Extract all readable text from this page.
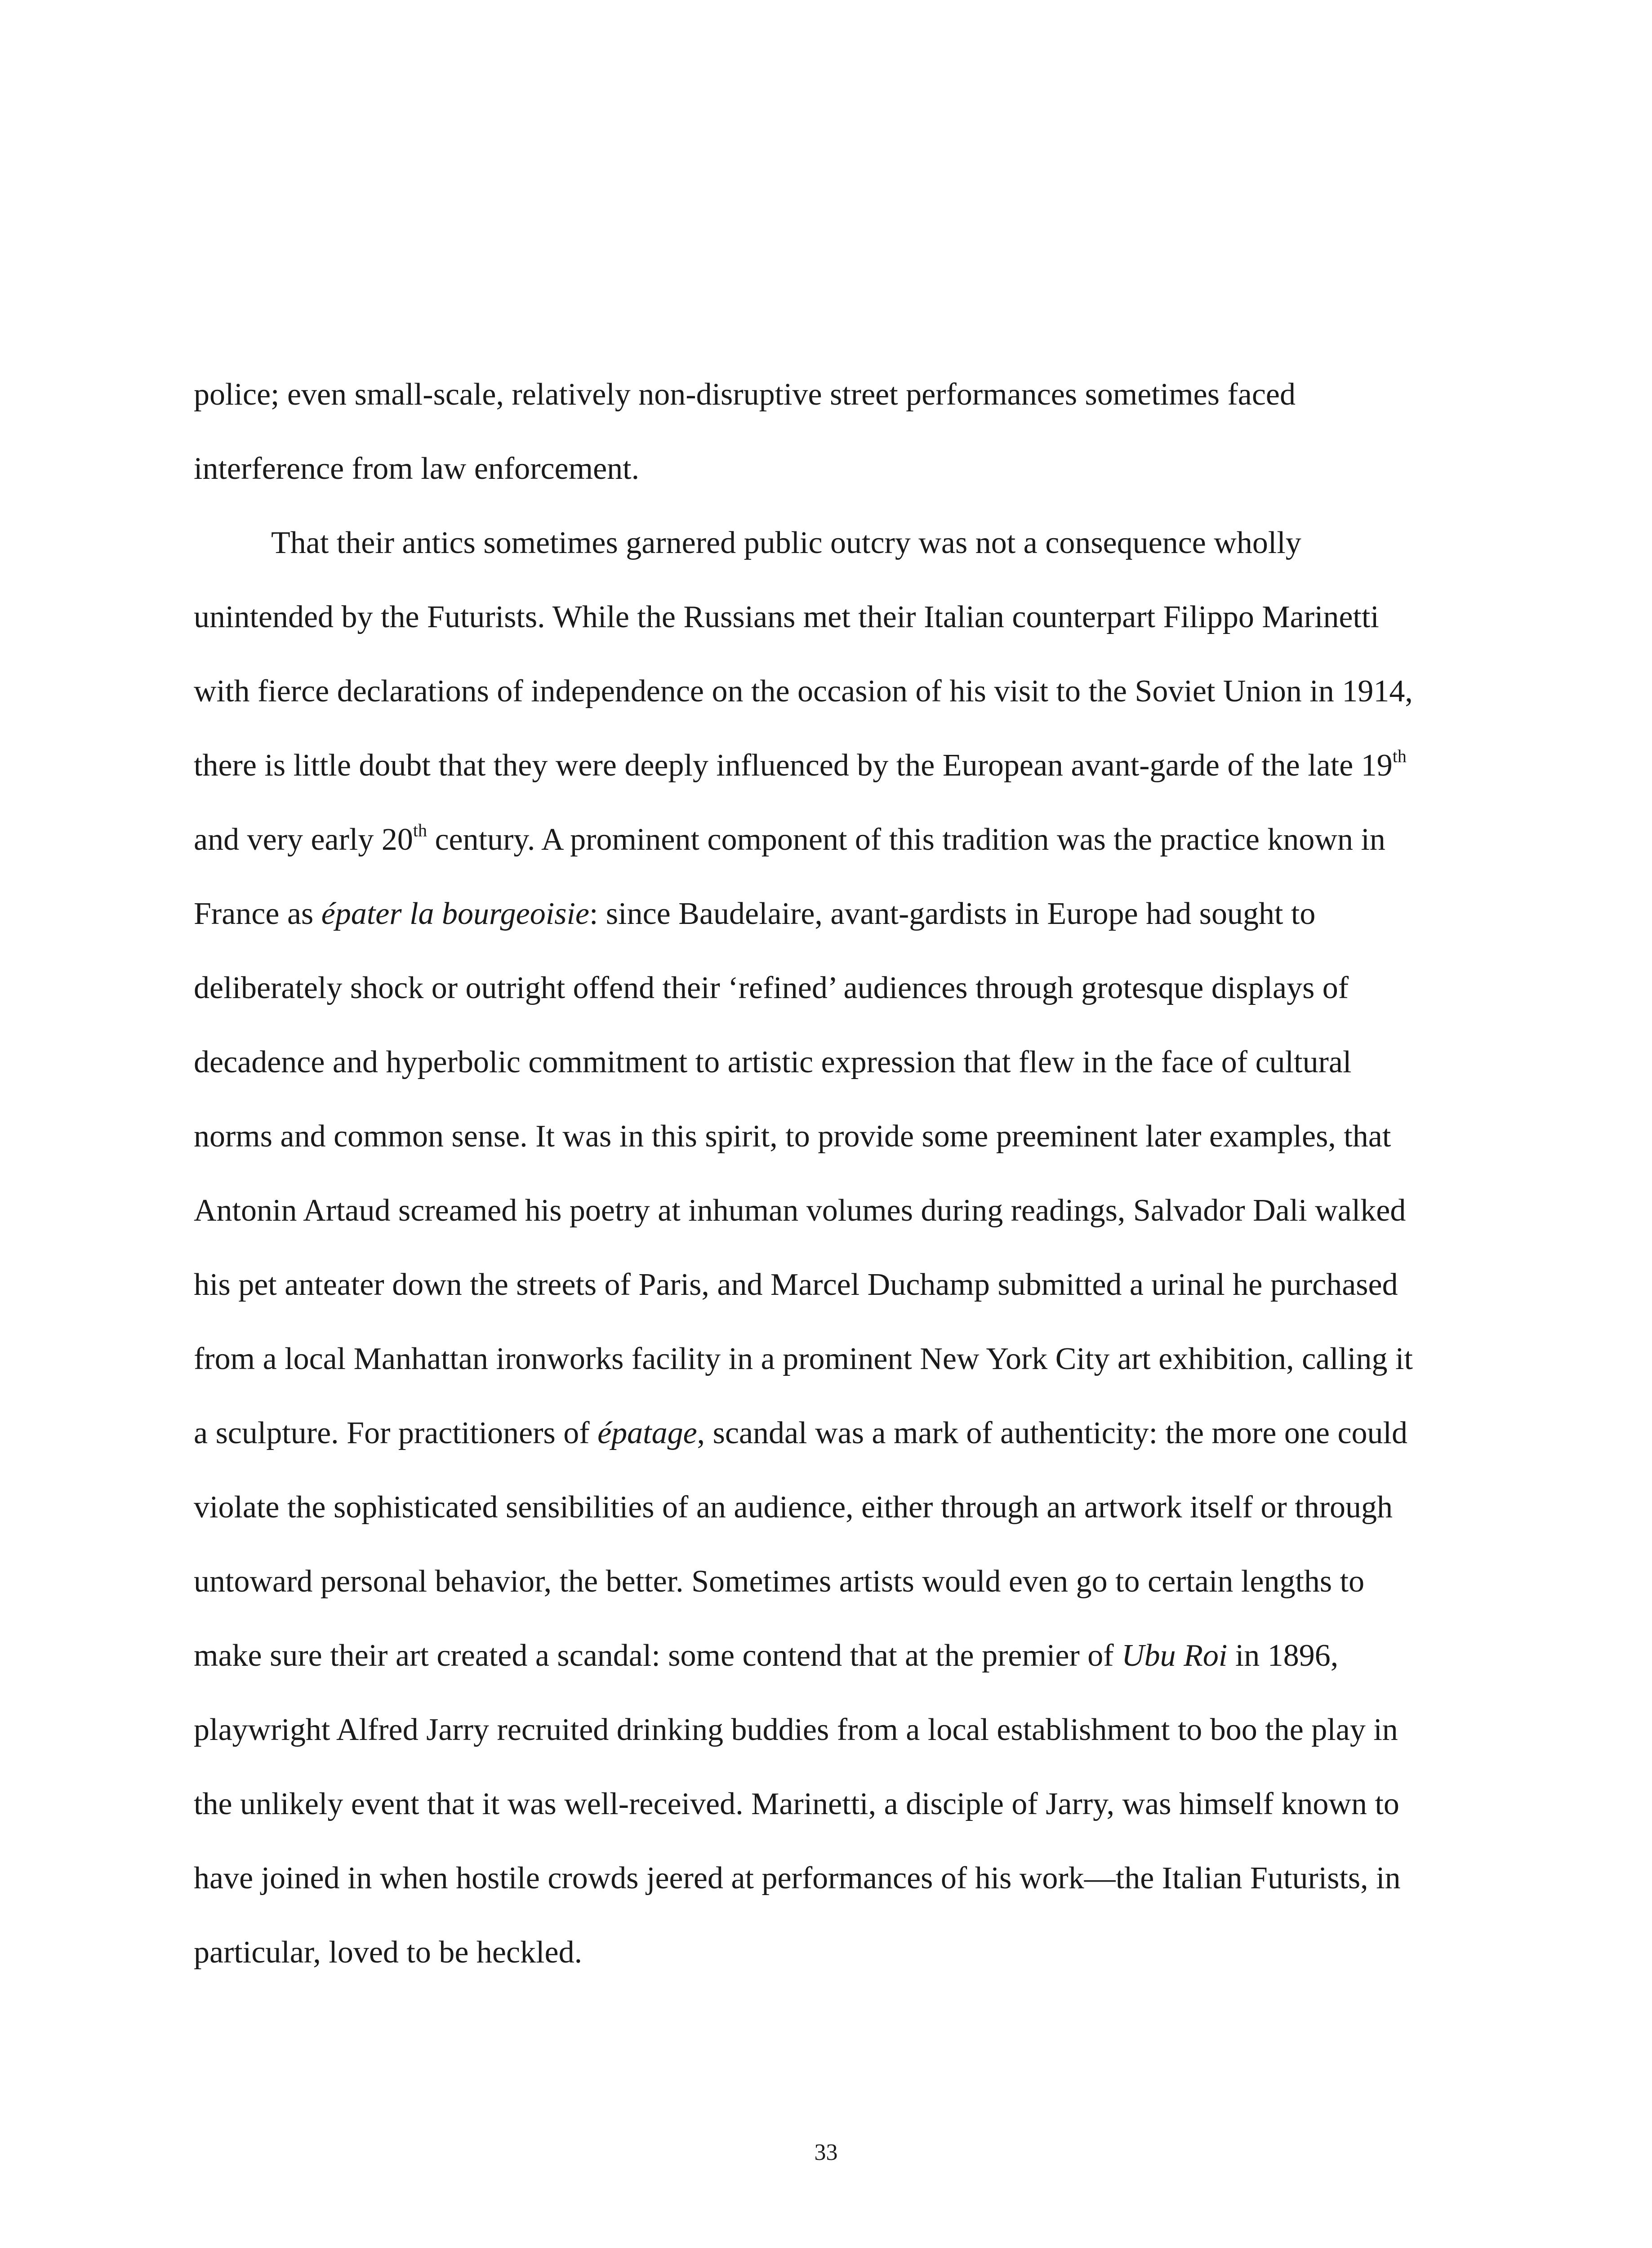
police; even small-scale, relatively non-disruptive street performances sometimes faced

interference from law enforcement.

That their antics sometimes garnered public outcry was not a consequence wholly

unintended by the Futurists. While the Russians met their Italian counterpart Filippo Marinetti

with fierce declarations of independence on the occasion of his visit to the Soviet Union in 1914,

there is little doubt that they were deeply influenced by the European avant-garde of the late 19th

and very early 20th century. A prominent component of this tradition was the practice known in

France as épater la bourgeoisie: since Baudelaire, avant-gardists in Europe had sought to

deliberately shock or outright offend their ‘refined’ audiences through grotesque displays of

decadence and hyperbolic commitment to artistic expression that flew in the face of cultural

norms and common sense. It was in this spirit, to provide some preeminent later examples, that

Antonin Artaud screamed his poetry at inhuman volumes during readings, Salvador Dali walked

his pet anteater down the streets of Paris, and Marcel Duchamp submitted a urinal he purchased

from a local Manhattan ironworks facility in a prominent New York City art exhibition, calling it

a sculpture. For practitioners of épatage, scandal was a mark of authenticity: the more one could

violate the sophisticated sensibilities of an audience, either through an artwork itself or through

untoward personal behavior, the better. Sometimes artists would even go to certain lengths to

make sure their art created a scandal: some contend that at the premier of Ubu Roi in 1896,

playwright Alfred Jarry recruited drinking buddies from a local establishment to boo the play in

the unlikely event that it was well-received. Marinetti, a disciple of Jarry, was himself known to

have joined in when hostile crowds jeered at performances of his work—the Italian Futurists, in

particular, loved to be heckled.

33
